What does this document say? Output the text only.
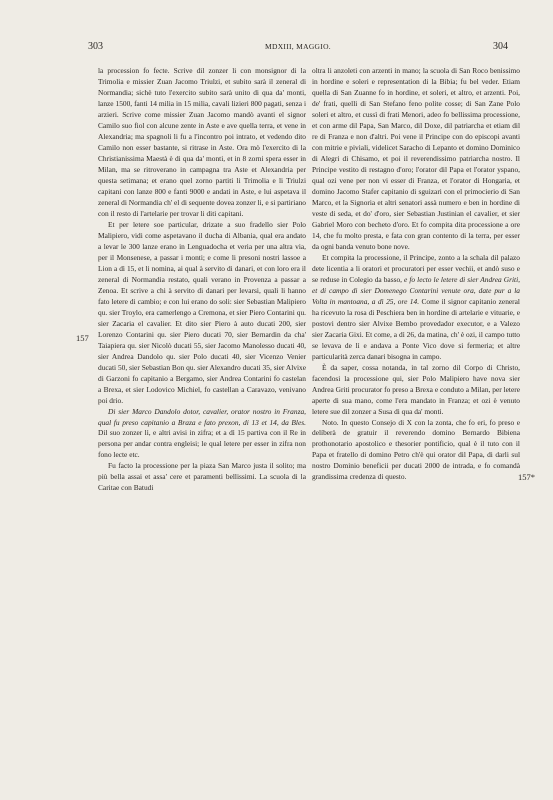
303	MDXIII, MAGGIO.	304
157
157*

la procession fo fecte. Scrive dil zonzer li con monsignor di la Trimolia e missier Zuan Jacomo Triulzi, et subito sarà il zeneral di Normandia; sichè tuto l'exercito subito sarà unito di qua da' monti, lanze 1500, fanti 14 milia in 15 milia, cavali lizieri 800 pagati, senza i arzieri. Scrive come missier Zuan Jacomo mandò avanti el signor Camilo suo fiol con alcune zente in Aste e ave quella terra, et vene in Alexandria; ma spagnoli li fu a l'incontro poi intrato, et vedendo dito Camilo non esser bastante, si ritrase in Aste. Ora mò l'exercito di la Christianissima Maestà è di qua da' monti, et in 8 zorni spera esser in Milan, ma se ritroverano in campagna tra Aste et Alexandria per questa setimana; et erano quel zorno partiti li Trimolia e li Triulzi capitani con lanze 800 e fanti 9000 e andati in Aste, e lui aspetava il zeneral di Normandia ch' el di sequente dovea zonzer li, e si partiriano con il resto di l'artelarie per trovar li diti capitani.

Et per letere soe particular, drizate a suo fradello sier Polo Malipiero, vidi come aspetavano il ducha di Albania, qual era andato a levar le 300 lanze erano in Lenguadocha et veria per una altra via, per il Monsenese, a passar i monti; e come li presoni nostri lassoe a Lion a dì 15, et li nomina, ai qual à servito di danari, et con loro era il zeneral di Normandia restato, quali verano in Provenza a passar a Zenoa. Et scrive a chi à servito di danari per levarsi, quali li hanno fato letere di cambio; e con lui erano do soli: sier Sebastian Malipiero qu. sier Troylo, era camerlengo a Cremona, et sier Piero Contarini qu. sier Zacaria el cavalier. Et dito sier Piero à auto ducati 200, sier Lorenzo Contarini qu. sier Piero ducati 70, sier Bernardin da cha' Taiapiera qu. sier Nicolò ducati 55, sier Jacomo Manolesso ducati 40, sier Andrea Dandolo qu. sier Polo ducati 40, sier Vicenzo Venier ducati 50, sier Sebastian Bon qu. sier Alexandro ducati 35, sier Alvixe di Garzoni fo capitanio a Bergamo, sier Andrea Contarini fo castelan a Brexa, et sier Lodovico Michiel, fo castellan a Caravazo, venivano poi drio.

Di sier Marco Dandolo dotor, cavalier, orator nostro in Franza, qual fu preso capitanio a Braza e fato prexon, di 13 et 14, da Bles. Dil suo zonzer lì, e altri avisi in zifra; et a dì 15 partiva con il Re in persona per andar contra engleisi; le qual letere per esser in zifra non fono lecte etc.

Fu facto la processione per la piaza San Marco justa il solito; ma più bella assai et assa' cere et paramenti bellissimi. La scuola di la Caritae con Batudi

oltra li anzoleti con arzenti in mano; la scuola di San Roco benissimo in hordine e soleri e representation di la Bibia; fu bel veder. Etiam quella di San Zuanne fo in hordine, et soleri, et altro, et arzenti. Poi, de' frati, quelli di San Stefano feno polite cosse; di San Zane Polo soleri et altro, et cussì di frati Menori, adeo fo bellissima processione, et con arme dil Papa, San Marco, dil Doxe, dil patriarcha et etiam dil re di Franza e non d'altri. Poi vene il Principe con do episcopi avanti con mitrie e piviali, videlicet Saracho di Lepanto et domino Dominico di Alegri di Chisamo, et poi il reverendissimo patriarcha nostro. Il Principe vestito di restagno d'oro; l'orator dil Papa et l'orator yspano, qual ozi vene per non vi esser di Franza, et l'orator di Hongaria, et domino Jacomo Stafer capitanio di sguizari con el primocierio di San Marco, et la Signoria et altri senatori assà numero e ben in hordine di veste di seda, et do' d'oro, sier Sebastian Justinian el cavalier, et sier Gabriel Moro con becheto d'oro. Et fo compita dita processione a ore 14, che fu molto presta, e fata con gran contento di la terra, per esser da ogni banda venuto bone nove.

Et compita la processione, il Principe, zonto a la schala dil palazo dete licentia a li oratori et procuratori per esser vechii, et andò suso e se reduse in Colegio da basso, e fo lecto le letere di sier Andrea Griti, et di campo di sier Domenego Contarini venute ora, date pur a la Volta in mantoana, a dì 25, ore 14. Come il signor capitanio zeneral ha ricevuto la rosa di Peschiera ben in hordine di artelarie e vituarie, e postovi dentro sier Alvixe Bembo provedador executor, e a Valezo sier Zacaria Gixi. Et come, a dì 26, da matina, ch' è ozi, il campo tutto se levava de lì e andava a Ponte Vico dove si fermeria; et altre particularità zerca danari bisogna in campo.

È da saper, cossa notanda, in tal zorno dil Corpo di Christo, facendosi la processione qui, sier Polo Malipiero have nova sier Andrea Griti procurator fo preso a Brexa e conduto a Milan, per letere aperte di sua mano, come l'era mandato in Franza; et ozi è venuto letere sue dil zonzer a Susa di qua da' monti.

Noto. In questo Consejo di X con la zonta, che fo eri, fo preso e delíberà de gratuir il reverendo domino Bernardo Bibiena prothonotario apostolico e thesorier pontificio, qual è il tuto con il Papa et fratello di domino Petro ch'è qui orator dil Papa, di darli sul nostro Dominio beneficii per ducati 2000 de intrada, e fo comandà grandissima credenza di questo.
